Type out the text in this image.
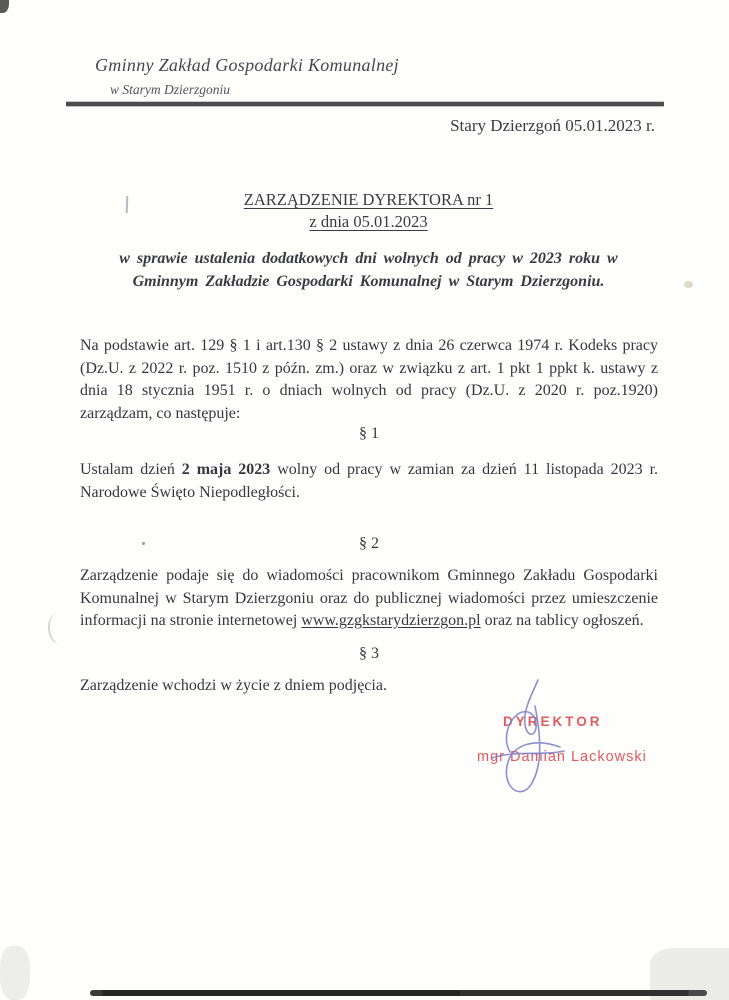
Gminny Zakład Gospodarki Komunalnej
w Starym Dzierzgoniu
Stary Dzierzgoń 05.01.2023 r.
ZARZĄDZENIE DYREKTORA nr 1
z dnia 05.01.2023
w sprawie ustalenia dodatkowych dni wolnych od pracy w 2023 roku w Gminnym Zakładzie Gospodarki Komunalnej w Starym Dzierzgoniu.
Na podstawie art. 129 § 1 i art.130 § 2 ustawy z dnia 26 czerwca 1974 r. Kodeks pracy (Dz.U. z 2022 r. poz. 1510 z późn. zm.) oraz w związku z art. 1 pkt 1 ppkt k. ustawy z dnia 18 stycznia 1951 r. o dniach wolnych od pracy (Dz.U. z 2020 r. poz.1920) zarządzam, co następuje:
§ 1
Ustalam dzień 2 maja 2023 wolny od pracy w zamian za dzień 11 listopada 2023 r. Narodowe Święto Niepodległości.
§ 2
Zarządzenie podaje się do wiadomości pracownikom Gminnego Zakładu Gospodarki Komunalnej w Starym Dzierzgoniu oraz do publicznej wiadomości przez umieszczenie informacji na stronie internetowej www.gzgkstarydzierzgon.pl oraz na tablicy ogłoszeń.
§ 3
Zarządzenie wchodzi w życie z dniem podjęcia.
DYREKTOR
mgr Damian Lackowski
